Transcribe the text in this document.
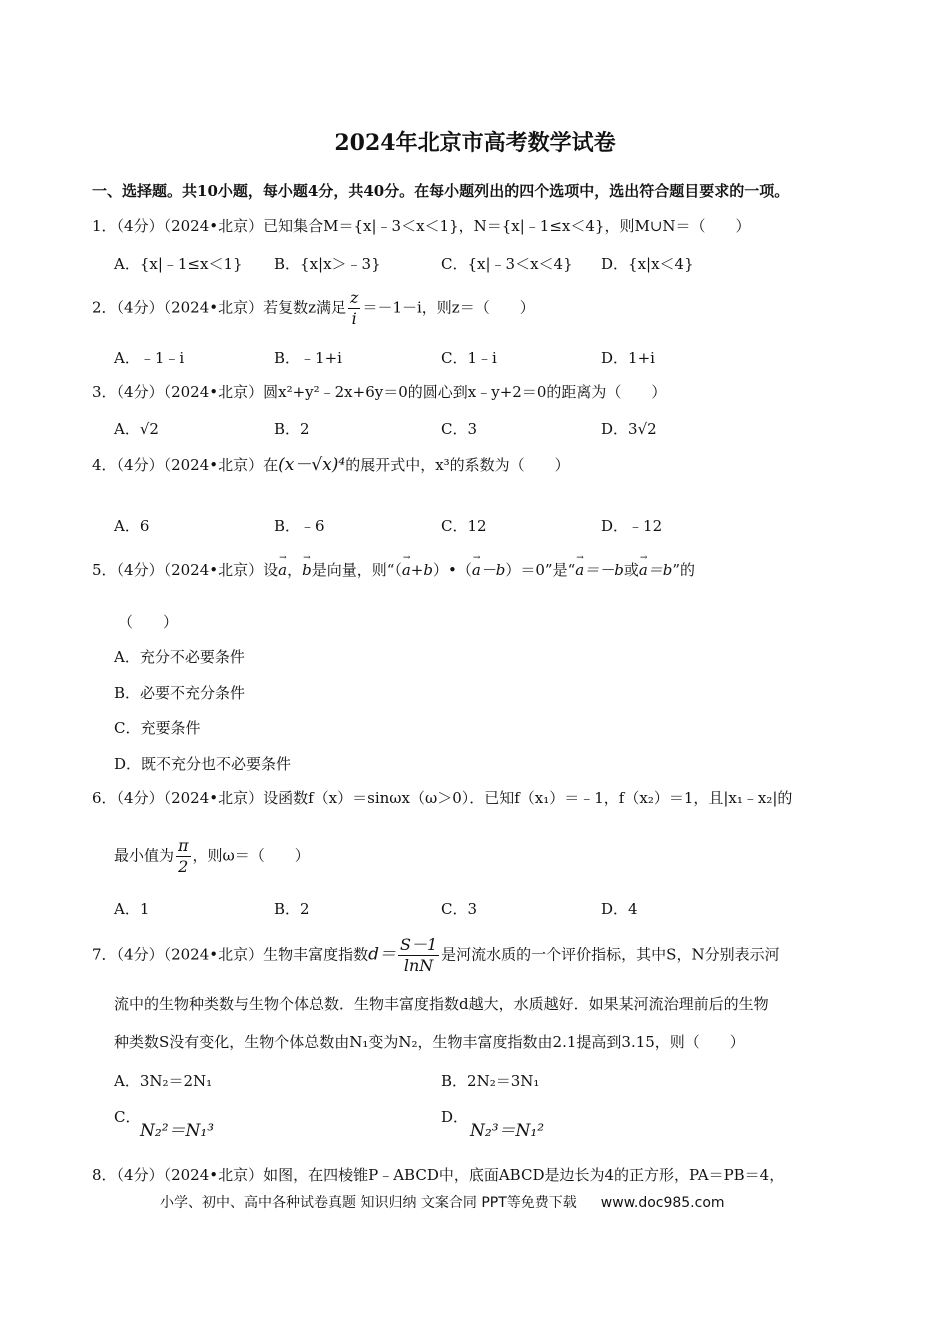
2024年北京市高考数学试卷
一、选择题。共10小题，每小题4分，共40分。在每小题列出的四个选项中，选出符合题目要求的一项。
1．（4分）（2024•北京）已知集合M＝{x|﹣3＜x＜1}，N＝{x|﹣1≤x＜4}，则M∪N＝（　　）
A．{x|﹣1≤x＜1} B．{x|x＞﹣3}	C．{x|﹣3＜x＜4} D．{x|x＜4}
2．（4分）（2024•北京）若复数z满足 $\frac{z}{i} =-1-i$，则z＝（　　）
A．﹣1﹣i	B．﹣1+i	C．1﹣i	D．1+i
3．（4分）（2024•北京）圆x²+y²﹣2x+6y＝0的圆心到x﹣y+2＝0的距离为（　　）
A．√2	B．2	C．3	D．3√2
4．（4分）（2024•北京）在(x－√x)⁴的展开式中，x³的系数为（　　）
A．6	B．﹣6	C．12	D．﹣12
5．（4分）（2024•北京）设→ a，→ b是向量，则“（→ a+b）•（→ a－b）＝0”是“→ a＝－b或→ a＝b”的
（　　）
A．充分不必要条件
B．必要不充分条件
C．充要条件
D．既不充分也不必要条件
6．（4分）（2024•北京）设函数f（x）＝sinωx（ω＞0）．已知f（x₁）＝﹣1，f（x₂）＝1，且|x₁﹣x₂|的
最小值为 $\frac{\pi}{2}$ ，则ω＝（　　）
A．1	B．2	C．3	D．4
7．（4分）（2024•北京）生物丰富度指数$d= \frac{S-1}{\ln N}$ 是河流水质的一个评价指标，其中S，N分别表示河
流中的生物种类数与生物个体总数．生物丰富度指数d越大，水质越好．如果某河流治理前后的生物
种类数S没有变化，生物个体总数由N₁变为N₂，生物丰富度指数由2.1提高到3.15，则（　　）
A．3N₂＝2N₁	B．2N₂＝3N₁
C．
N₂²＝N₁³
D．
N₂³＝N₁²
8．（4分）（2024•北京）如图，在四棱锥P﹣ABCD中，底面ABCD是边长为4的正方形，PA＝PB＝4，
小学、初中、高中各种试卷真题 知识归纳 文案合同 PPT等免费下载 www.doc985.com
